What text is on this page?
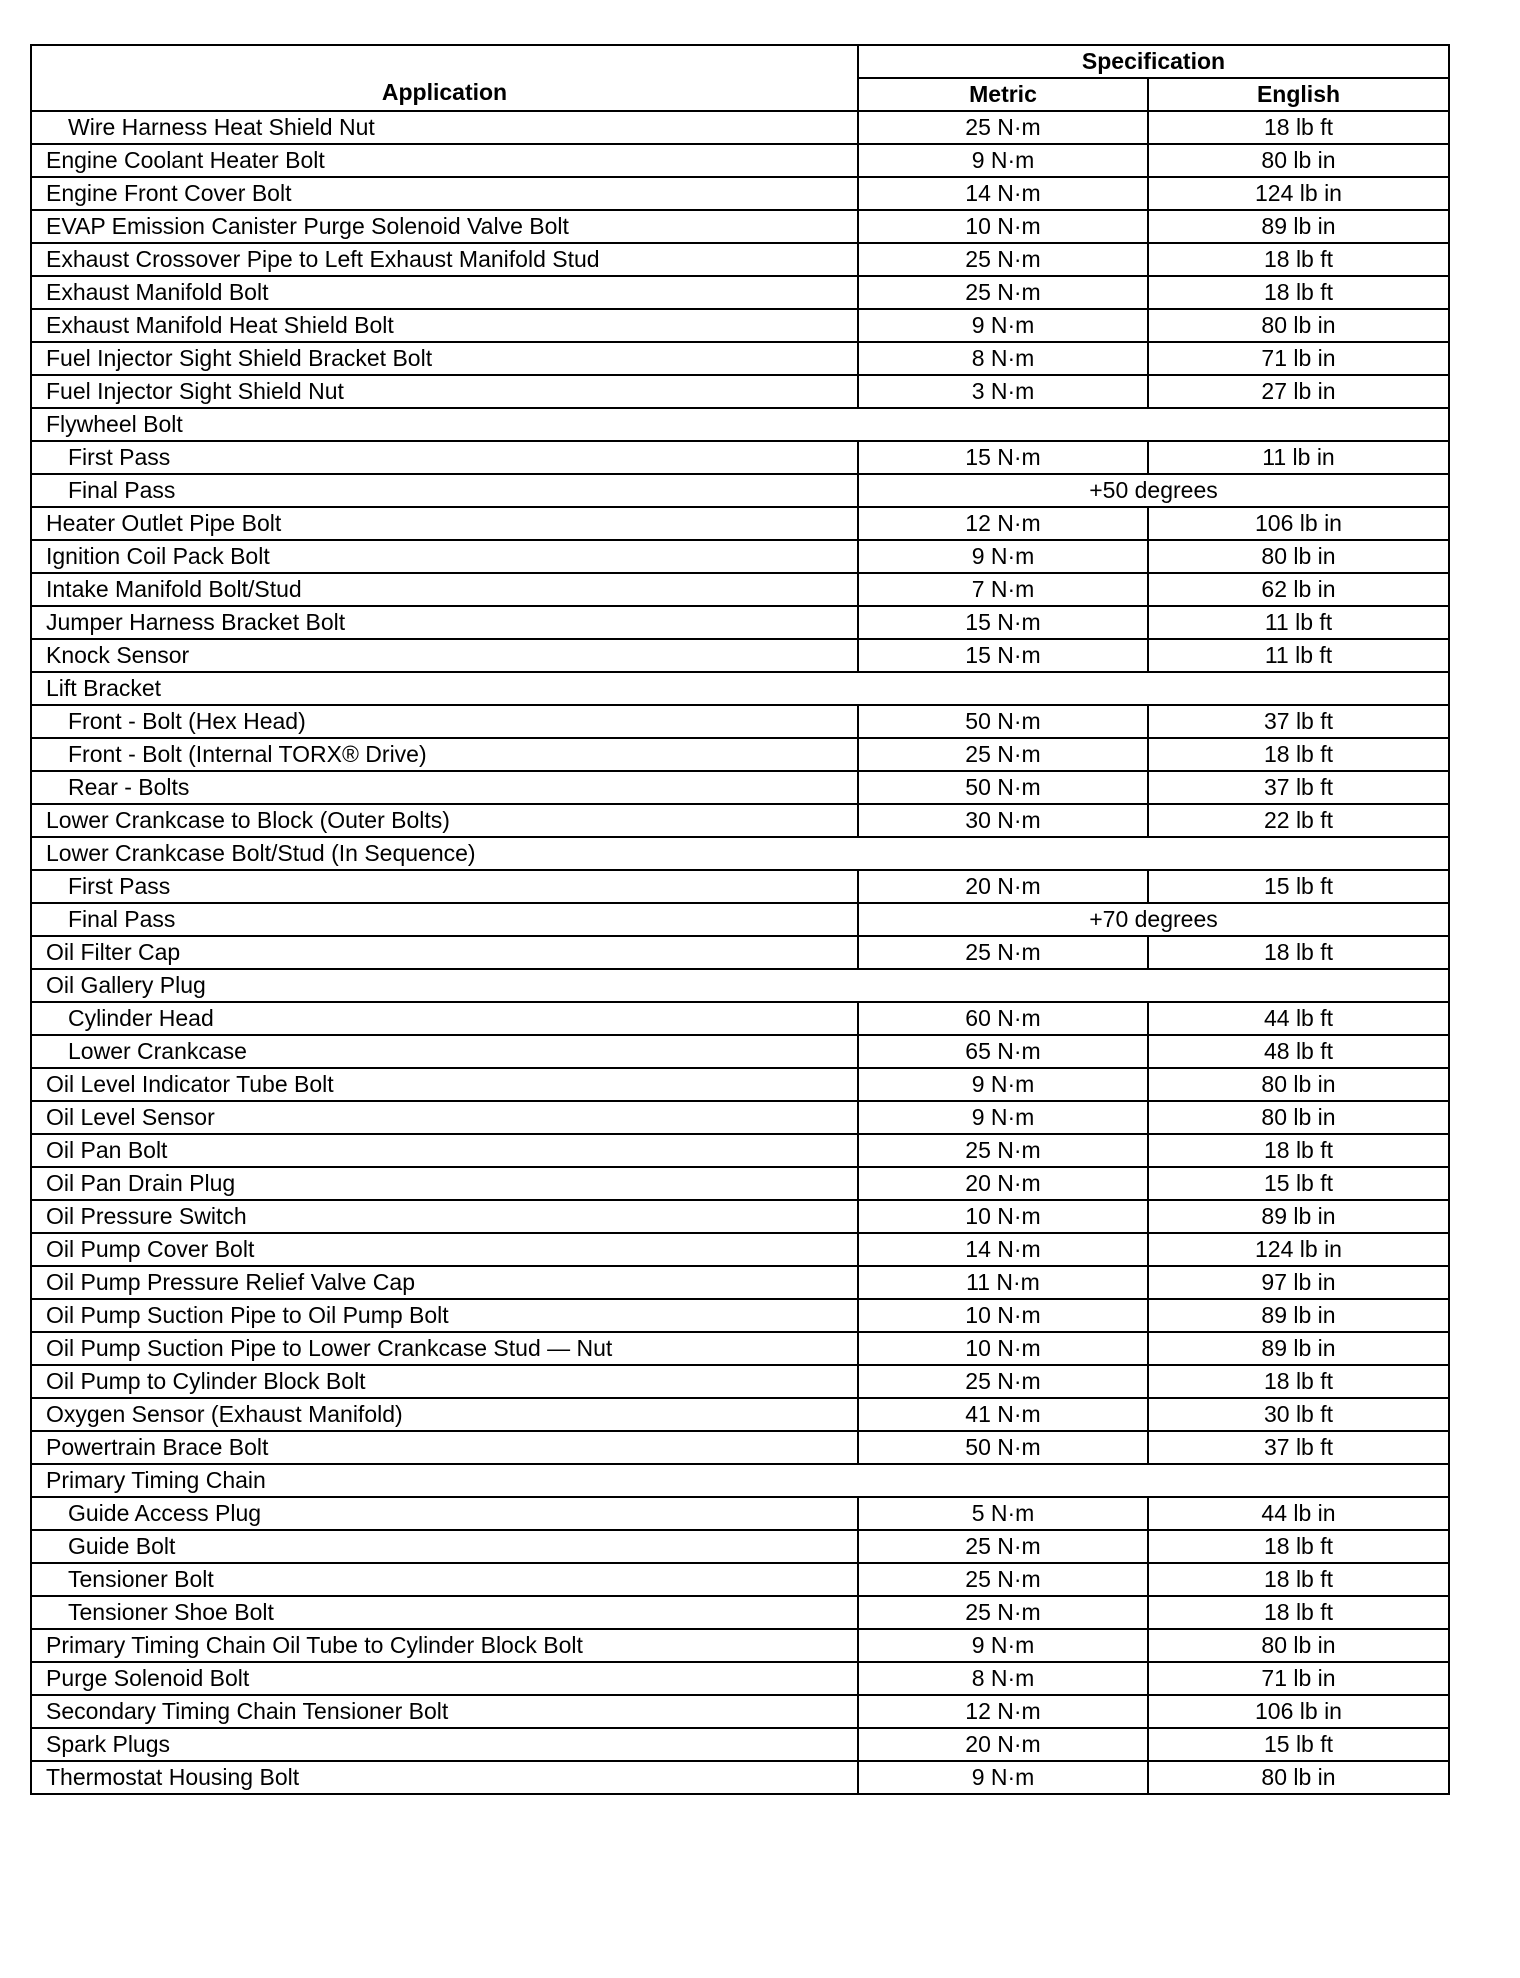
Application	Specification	
	Metric	English
Wire Harness Heat Shield Nut	25 N·m	18 lb ft
Engine Coolant Heater Bolt	9 N·m	80 lb in
Engine Front Cover Bolt	14 N·m	124 lb in
EVAP Emission Canister Purge Solenoid Valve Bolt	10 N·m	89 lb in
Exhaust Crossover Pipe to Left Exhaust Manifold Stud	25 N·m	18 lb ft
Exhaust Manifold Bolt	25 N·m	18 lb ft
Exhaust Manifold Heat Shield Bolt	9 N·m	80 lb in
Fuel Injector Sight Shield Bracket Bolt	8 N·m	71 lb in
Fuel Injector Sight Shield Nut	3 N·m	27 lb in
Flywheel Bolt		
First Pass	15 N·m	11 lb in
Final Pass	+50 degrees	
Heater Outlet Pipe Bolt	12 N·m	106 lb in
Ignition Coil Pack Bolt	9 N·m	80 lb in
Intake Manifold Bolt/Stud	7 N·m	62 lb in
Jumper Harness Bracket Bolt	15 N·m	11 lb ft
Knock Sensor	15 N·m	11 lb ft
Lift Bracket		
Front - Bolt (Hex Head)	50 N·m	37 lb ft
Front - Bolt (Internal TORX® Drive)	25 N·m	18 lb ft
Rear - Bolts	50 N·m	37 lb ft
Lower Crankcase to Block (Outer Bolts)	30 N·m	22 lb ft
Lower Crankcase Bolt/Stud (In Sequence)		
First Pass	20 N·m	15 lb ft
Final Pass	+70 degrees	
Oil Filter Cap	25 N·m	18 lb ft
Oil Gallery Plug		
Cylinder Head	60 N·m	44 lb ft
Lower Crankcase	65 N·m	48 lb ft
Oil Level Indicator Tube Bolt	9 N·m	80 lb in
Oil Level Sensor	9 N·m	80 lb in
Oil Pan Bolt	25 N·m	18 lb ft
Oil Pan Drain Plug	20 N·m	15 lb ft
Oil Pressure Switch	10 N·m	89 lb in
Oil Pump Cover Bolt	14 N·m	124 lb in
Oil Pump Pressure Relief Valve Cap	11 N·m	97 lb in
Oil Pump Suction Pipe to Oil Pump Bolt	10 N·m	89 lb in
Oil Pump Suction Pipe to Lower Crankcase Stud — Nut	10 N·m	89 lb in
Oil Pump to Cylinder Block Bolt	25 N·m	18 lb ft
Oxygen Sensor (Exhaust Manifold)	41 N·m	30 lb ft
Powertrain Brace Bolt	50 N·m	37 lb ft
Primary Timing Chain		
Guide Access Plug	5 N·m	44 lb in
Guide Bolt	25 N·m	18 lb ft
Tensioner Bolt	25 N·m	18 lb ft
Tensioner Shoe Bolt	25 N·m	18 lb ft
Primary Timing Chain Oil Tube to Cylinder Block Bolt	9 N·m	80 lb in
Purge Solenoid Bolt	8 N·m	71 lb in
Secondary Timing Chain Tensioner Bolt	12 N·m	106 lb in
Spark Plugs	20 N·m	15 lb ft
Thermostat Housing Bolt	9 N·m	80 lb in
